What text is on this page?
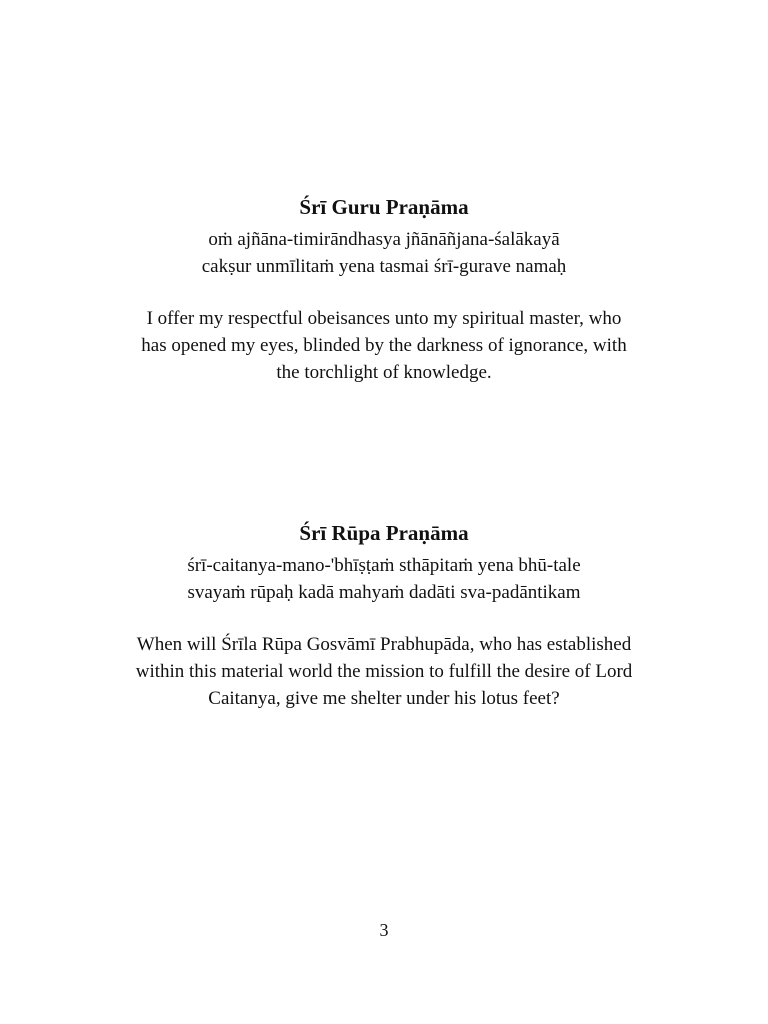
Śrī Guru Praṇāma

oṁ ajñāna-timirāndhasya jñānāñjana-śalākayā
cakṣur unmīlitaṁ yena tasmai śrī-gurave namaḥ

I offer my respectful obeisances unto my spiritual master, who
has opened my eyes, blinded by the darkness of ignorance, with
the torchlight of knowledge.

Śrī Rūpa Praṇāma

śrī-caitanya-mano-'bhīṣṭaṁ sthāpitaṁ yena bhū-tale
svayaṁ rūpaḥ kadā mahyaṁ dadāti sva-padāntikam

When will Śrīla Rūpa Gosvāmī Prabhupāda, who has established
within this material world the mission to fulfill the desire of Lord
Caitanya, give me shelter under his lotus feet?

3
